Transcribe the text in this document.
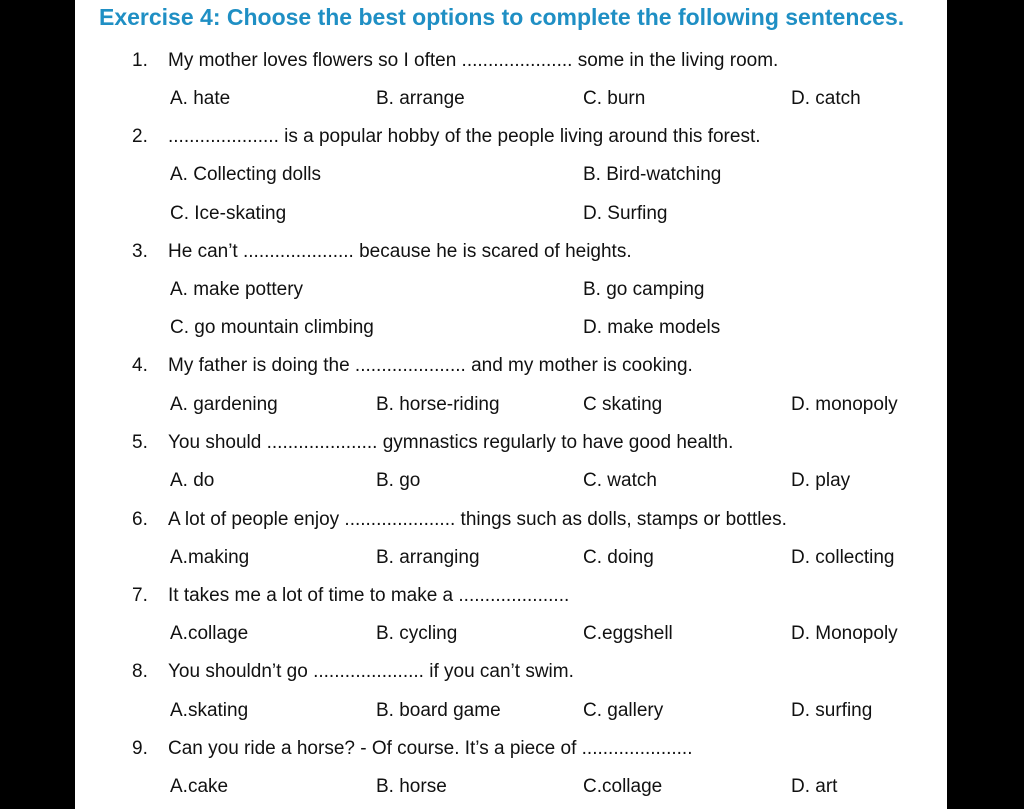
Exercise 4: Choose the best options to complete the following sentences.
1. My mother loves flowers so I often ..................... some in the living room.
A. hate	B. arrange	C. burn	D. catch
2. ..................... is a popular hobby of the people living around this forest.
A. Collecting dolls	B. Bird-watching
C. Ice-skating	D. Surfing
3. He can’t ..................... because he is scared of heights.
A. make pottery	B. go camping
C. go mountain climbing	D. make models
4. My father is doing the ..................... and my mother is cooking.
A. gardening	B. horse-riding	C skating	D. monopoly
5. You should ..................... gymnastics regularly to have good health.
A. do	B. go	C. watch	D. play
6. A lot of people enjoy ..................... things such as dolls, stamps or bottles.
A.making	B. arranging	C. doing	D. collecting
7. It takes me a lot of time to make a .....................
A.collage	B. cycling	C.eggshell	D. Monopoly
8. You shouldn’t go ..................... if you can’t swim.
A.skating	B. board game	C. gallery	D. surfing
9. Can you ride a horse? - Of course. It’s a piece of .....................
A.cake	B. horse	C.collage	D. art
